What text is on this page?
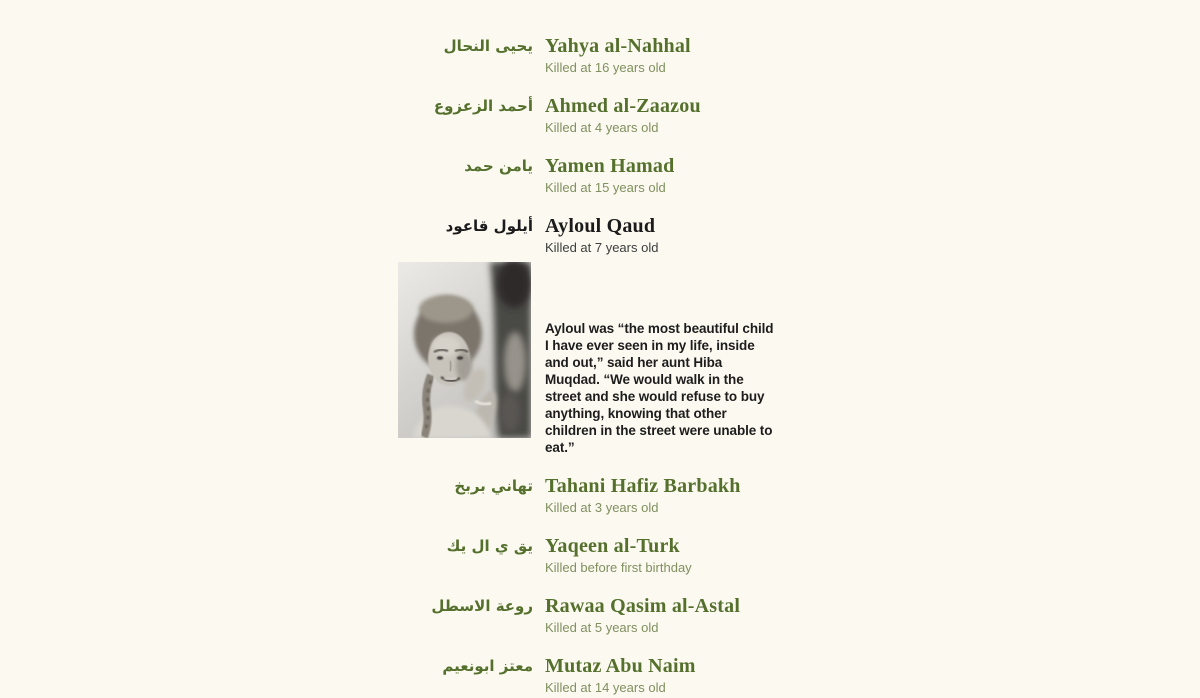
يحيى النحال Yahya al-Nahhal
Killed at 16 years old
أحمد الزعزوع Ahmed al-Zaazou
Killed at 4 years old
يامن حمد Yamen Hamad
Killed at 15 years old
أيلول قاعود Ayloul Qaud
Killed at 7 years old
Ayloul was “the most beautiful child I have ever seen in my life, inside and out,” said her aunt Hiba Muqdad. “We would walk in the street and she would refuse to buy anything, knowing that other children in the street were unable to eat.”
تهاني بربخ Tahani Hafiz Barbakh
Killed at 3 years old
يق ي ال يك Yaqeen al-Turk
Killed before first birthday
روعة الاسطل Rawaa Qasim al-Astal
Killed at 5 years old
معتز ابونعيم Mutaz Abu Naim
Killed at 14 years old
